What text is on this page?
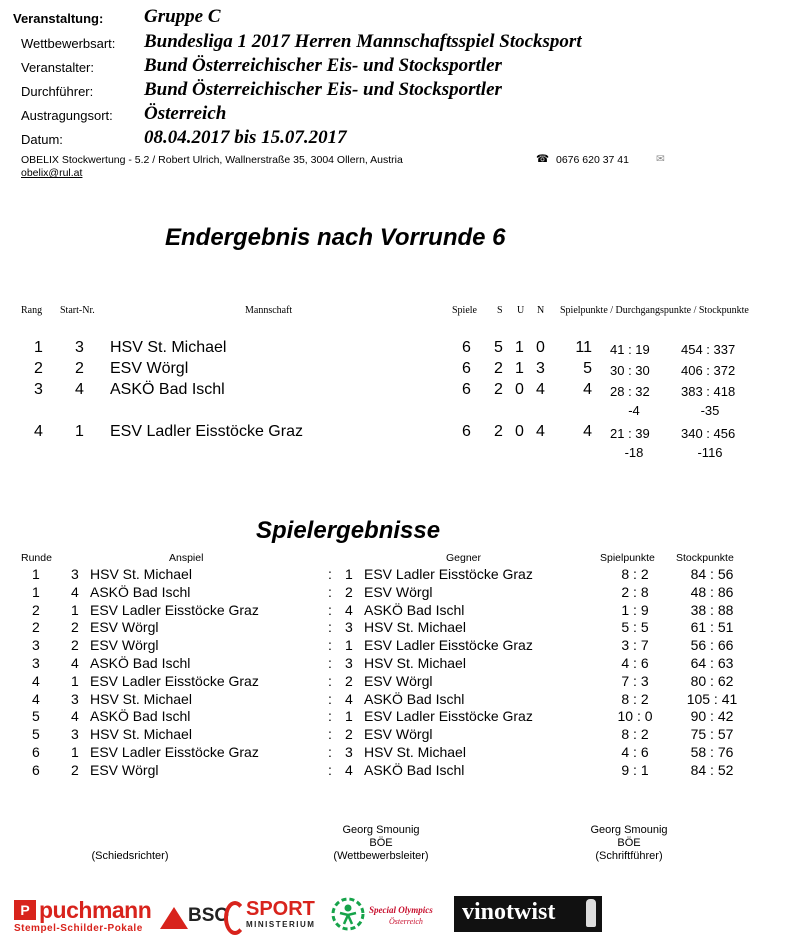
Veranstaltung: Gruppe C
Wettbewerbsart: Bundesliga 1 2017 Herren Mannschaftsspiel Stocksport
Veranstalter:	Bund Österreichischer Eis- und Stocksportler
Durchführer:	Bund Österreichischer Eis- und Stocksportler
Austragungsort: Österreich
Datum:	08.04.2017 bis 15.07.2017
OBELIX Stockwertung - 5.2 / Robert Ulrich, Wallnerstraße 35, 3004 Ollern, Austria	☎ 0676 620 37 41	✉
obelix@rul.at
Endergebnis nach Vorrunde 6
Rang Start-Nr.	Mannschaft	Spiele S U N Spielpunkte / Durchgangspunkte / Stockpunkte
1 3 HSV St. Michael	6 5 1 0	11 41 : 19 454 : 337
2 2 ESV Wörgl	6 2 1 3	5 30 : 30 406 : 372
3 4 ASKÖ Bad Ischl	6 2 0 4	4 28 : 32 383 : 418
-4	-35
4 1 ESV Ladler Eisstöcke Graz	6 2 0 4	4 21 : 39 340 : 456
-18	-116
Spielergebnisse
Runde	Anspiel	Gegner	Spielpunkte Stockpunkte
1 3 HSV St. Michael	: 1 ESV Ladler Eisstöcke Graz	8 : 2	84 : 56
1 4 ASKÖ Bad Ischl	: 2 ESV Wörgl	2 : 8	48 : 86
2 1 ESV Ladler Eisstöcke Graz	: 4 ASKÖ Bad Ischl	1 : 9	38 : 88
2 2 ESV Wörgl	: 3 HSV St. Michael	5 : 5	61 : 51
3 2 ESV Wörgl	: 1 ESV Ladler Eisstöcke Graz	3 : 7	56 : 66
3 4 ASKÖ Bad Ischl	: 3 HSV St. Michael	4 : 6	64 : 63
4 1 ESV Ladler Eisstöcke Graz	: 2 ESV Wörgl	7 : 3	80 : 62
4 3 HSV St. Michael	: 4 ASKÖ Bad Ischl	8 : 2	105 : 41
5 4 ASKÖ Bad Ischl	: 1 ESV Ladler Eisstöcke Graz	10 : 0	90 : 42
5 3 HSV St. Michael	: 2 ESV Wörgl	8 : 2	75 : 57
6 1 ESV Ladler Eisstöcke Graz	: 3 HSV St. Michael	4 : 6	58 : 76
6 2 ESV Wörgl	: 4 ASKÖ Bad Ischl	9 : 1	84 : 52
(Schiedsrichter)
Georg Smounig
BÖE
(Wettbewerbsleiter)
Georg Smounig
BÖE
(Schriftführer)
P puchmann
Stempel-Schilder-Pokale
BSO SPORT
MINISTERIUM
Special Olympics
Österreich vinotwist
